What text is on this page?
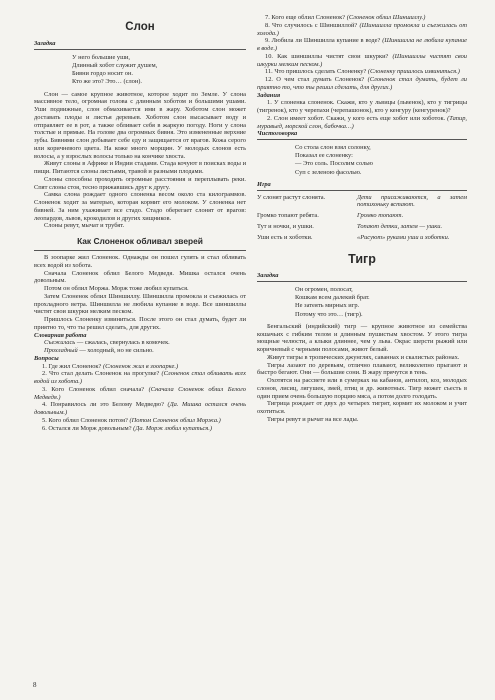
Слон
Загадка
У него большие уши,
Длинный хобот служит душем,
Бивни гордо носит он.
Кто же это? Это… (слон).

Слон — самое крупное животное, которое ходит по Земле. У слона массивное тело, огромная голова с длинным хоботом и большими ушами. Уши подвижные, слон обмахивается ими в жару. Хоботом слон может доставать плоды и листья деревьев. Хоботом слон высасывает воду и отправляет ее в рот, а также обливает себя в жаркую погоду. Ноги у слона толстые и прямые. На голове два огромных бивня. Это измененные верхние зубы. Бивнями слон добывает себе еду и защищается от врагов. Кожа серого или коричневого цвета. На коже много морщин. У молодых слонов есть волосы, а у взрослых волосы только на кончике хвоста.

Живут слоны в Африке и Индии стадами. Стада кочуют в поисках воды и пищи. Питаются слоны листьями, травой и разными плодами.

Слоны способны проходить огромные расстояния и переплывать реки. Спят слоны стоя, тесно прижавшись друг к другу.

Самка слона рождает одного слоненка весом около ста килограммов. Слоненок ходит за матерью, которая кормит его молоком. У слоненка нет бивней. За ним ухаживает все стадо. Стадо оберегает слонят от врагов: леопардов, львов, крокодилов и других хищников.

Слоны ревут, мычат и трубят.

Как Слоненок обливал зверей

В зоопарке жил Слоненок. Однажды он пошел гулять и стал обливать всех водой из хобота.

Сначала Слоненок облил Белого Медведя. Мишка остался очень довольным.

Потом он облил Моржа. Морж тоже любил купаться.

Затем Слоненок облил Шиншиллу. Шиншилла промокла и съежилась от прохладного ветра. Шиншилла не любила купание в воде. Все шиншиллы чистят свои шкурки мелким песком.

Пришлось Слоненку извиниться. После этого он стал думать, будет ли приятно то, что ты решил сделать, для других.

Словарная работа

Съежилась — сжалась, свернулась в комочек.

Прохладный — холодный, но не сильно.

Вопросы

1. Где жил Слоненок? (Слоненок жил в зоопарке.)

2. Что стал делать Слоненок на прогулке? (Слоненок стал обливать всех водой из хобота.)

3. Кого Слоненок облил сначала? (Сначала Слоненок облил Белого Медведя.)

4. Понравилось ли это Белому Медведю? (Да. Мишка остался очень довольным.)

5. Кого облил Слоненок потом? (Потом Слоненок облил Моржа.)

6. Остался ли Морж довольным? (Да. Морж любил купаться.)

7. Кого еще облил Слоненок? (Слоненок облил Шиншиллу.)

8. Что случилось с Шиншиллой? (Шиншилла промокла и съежилась от холода.)

9. Любила ли Шиншилла купание в воде? (Шиншилла не любила купание в воде.)

10. Как шиншиллы чистят свои шкурки? (Шиншиллы чистят свои шкурки мелким песком.)

11. Что пришлось сделать Слоненку? (Слоненку пришлось извиниться.)

12. О чем стал думать Слоненок? (Слоненок стал думать, будет ли приятно то, что ты решил сделать, для других.)

Задания

1. У слоненка слоненок. Скажи, кто у львицы (львенок), кто у тигрицы (тигренок), кто у черепахи (черепашонок), кто у кенгуру (кенгуренок)?

2. Слон имеет хобот. Скажи, у кого есть еще хобот или хоботок. (Тапир, муравьед, морской слон, бабочка…)

Чистоговорка
Со стола слон взял солонку,
Показал ее слоненку:
— Это соль. Посолим солью
Суп с зеленою фасолью.
Игра
У слонят растут слонята.	Дети присаживаются, а затем потихоньку встают.
Громко топают ребята.	Громко топают.
Тут и ночки, и ушки.	Топают детки, затем — ушки.
Уши есть и хоботки.	«Рисуют» руками уши и хоботки.
Тигр
Загадка
Он огромен, полосат,
Кошкам всем далекий брат.
Не затеять мирных игр.
Потому что это… (тигр).

Бенгальский (индийский) тигр — крупное животное из семейства кошачьих с гибким телом и длинным пушистым хвостом. У этого тигра мощные челюсти, а клыки длиннее, чем у льва. Окрас шерсти рыжий или коричневый с черными полосами, живот белый.

Живут тигры в тропических джунглях, саваннах и скалистых районах.

Тигры лазают по деревьям, отлично плавают, великолепно прыгают и быстро бегают. Они — большие сони. В жару прячутся в тень.

Охотятся на рассвете или в сумерках на кабанов, антилоп, коз, молодых слонов, лисиц, лягушек, змей, птиц и др. животных. Тигр может съесть в один прием очень большую порцию мяса, а потом долго голодать.

Тигрица рождает от двух до четырех тигрят, кормит их молоком и учит охотиться.

Тигры ревут и рычат на все лады.

8
